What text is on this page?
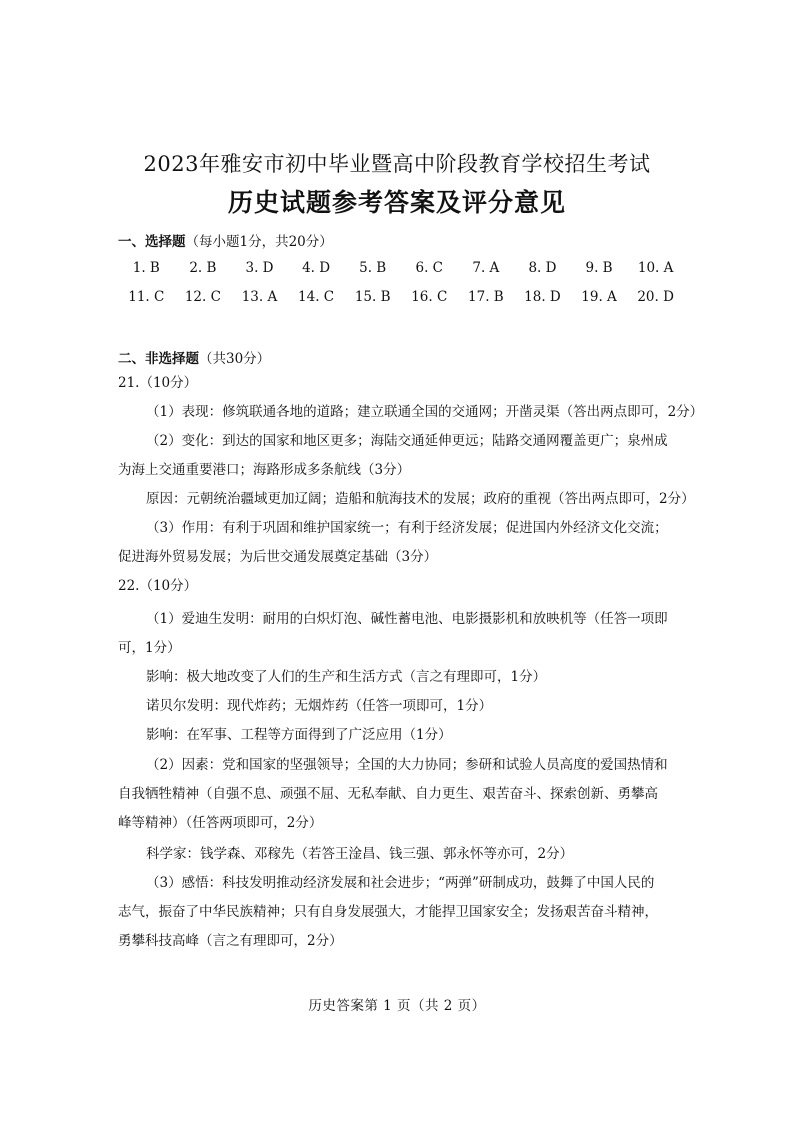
2023年雅安市初中毕业暨高中阶段教育学校招生考试
历史试题参考答案及评分意见
一、选择题（每小题1分，共20分）
1. B	2. B	3. D	4. D	5. B	6. C	7. A	8. D	9. B	10. A
11. C	12. C	13. A	14. C	15. B	16. C	17. B	18. D	19. A	20. D
二、非选择题（共30分）
21.（10分）
（1）表现：修筑联通各地的道路；建立联通全国的交通网；开凿灵渠（答出两点即可，2分）
（2）变化：到达的国家和地区更多；海陆交通延伸更远；陆路交通网覆盖更广；泉州成
为海上交通重要港口；海路形成多条航线（3分）
原因：元朝统治疆域更加辽阔；造船和航海技术的发展；政府的重视（答出两点即可，2分）
（3）作用：有利于巩固和维护国家统一；有利于经济发展；促进国内外经济文化交流；
促进海外贸易发展；为后世交通发展奠定基础（3分）
22.（10分）
（1）爱迪生发明：耐用的白炽灯泡、碱性蓄电池、电影摄影机和放映机等（任答一项即
可，1分）
影响：极大地改变了人们的生产和生活方式（言之有理即可，1分）
诺贝尔发明：现代炸药；无烟炸药（任答一项即可，1分）
影响：在军事、工程等方面得到了广泛应用（1分）
（2）因素：党和国家的坚强领导；全国的大力协同；参研和试验人员高度的爱国热情和
自我牺牲精神（自强不息、顽强不屈、无私奉献、自力更生、艰苦奋斗、探索创新、勇攀高
峰等精神）（任答两项即可，2分）
科学家：钱学森、邓稼先（若答王淦昌、钱三强、郭永怀等亦可，2分）
（3）感悟：科技发明推动经济发展和社会进步；“两弹”研制成功，鼓舞了中国人民的
志气，振奋了中华民族精神；只有自身发展强大，才能捍卫国家安全；发扬艰苦奋斗精神，
勇攀科技高峰（言之有理即可，2分）
历史答案第 1 页（共 2 页）
